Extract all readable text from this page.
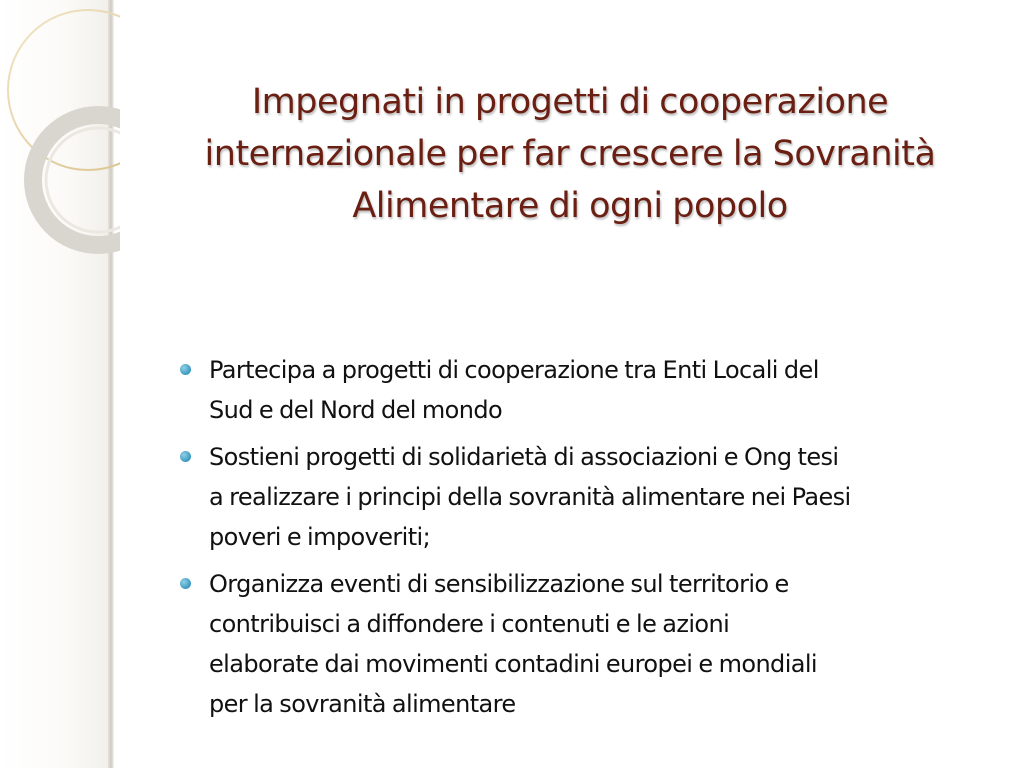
Impegnati in progetti di cooperazione
internazionale per far crescere la Sovranità
Alimentare di ogni popolo
Partecipa a progetti di cooperazione tra Enti Locali del
Sud e del Nord del mondo
Sostieni progetti di solidarietà di associazioni e Ong tesi
a realizzare i principi della sovranità alimentare nei Paesi
poveri e impoveriti;
Organizza eventi di sensibilizzazione sul territorio e
contribuisci a diffondere i contenuti e le azioni
elaborate dai movimenti contadini europei e mondiali
per la sovranità alimentare
